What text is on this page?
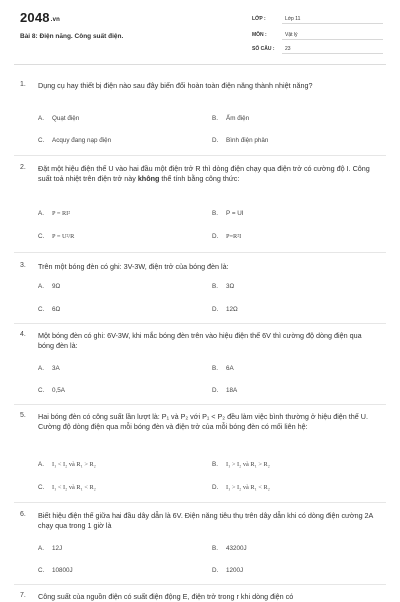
2048.vn
Bài 8: Điện năng. Công suất điện.
LỚP :	Lớp 11
MÔN :	Vật lý
SỐ CÂU : 23
1. Dụng cụ hay thiết bị điện nào sau đây biến đổi hoàn toàn điện năng thành nhiệt năng?
A. Quạt điện	B. Ấm điện
C. Acquy đang nạp điện	D. Bình điện phân
2. Đặt một hiệu điện thế U vào hai đầu một điện trở R thì dòng điện chạy qua điện trở có cường độ I. Công suất toả nhiệt trên điện trở này không thể tính bằng công thức:
A. P = RI²	B. P = UI
C. P = U²/R	D. P=R²I
3. Trên một bóng đèn có ghi: 3V-3W, điện trở của bóng đèn là:
A. 9Ω	B. 3Ω
C. 6Ω	D. 12Ω
4. Một bóng đèn có ghi: 6V-3W, khi mắc bóng đèn trên vào hiệu điện thế 6V thì cường độ dòng điện qua bóng đèn là:
A. 3A	B. 6A
C. 0,5A	D. 18A
5. Hai bóng đèn có công suất lần lượt là: P₁ và P₂ với P₁ < P₂ đều làm việc bình thường ở hiệu điện thế U. Cường độ dòng điện qua mỗi bóng đèn và điện trở của mỗi bóng đèn có mối liên hệ:
A. I₁ < I₂ và R₁ > R₂	B. I₁ > I₂ và R₁ > R₂
C. I₁ < I₂ và R₁ < R₂	D. I₁ > I₂ và R₁ < R₂
6. Biết hiệu điện thế giữa hai đầu dây dẫn là 6V. Điện năng tiêu thụ trên dây dẫn khi có dòng điện cường 2A chạy qua trong 1 giờ là
A. 12J	B. 43200J
C. 10800J	D. 1200J
7. Công suất của nguồn điện có suất điện động E, điện trở trong r khi dòng điện có
